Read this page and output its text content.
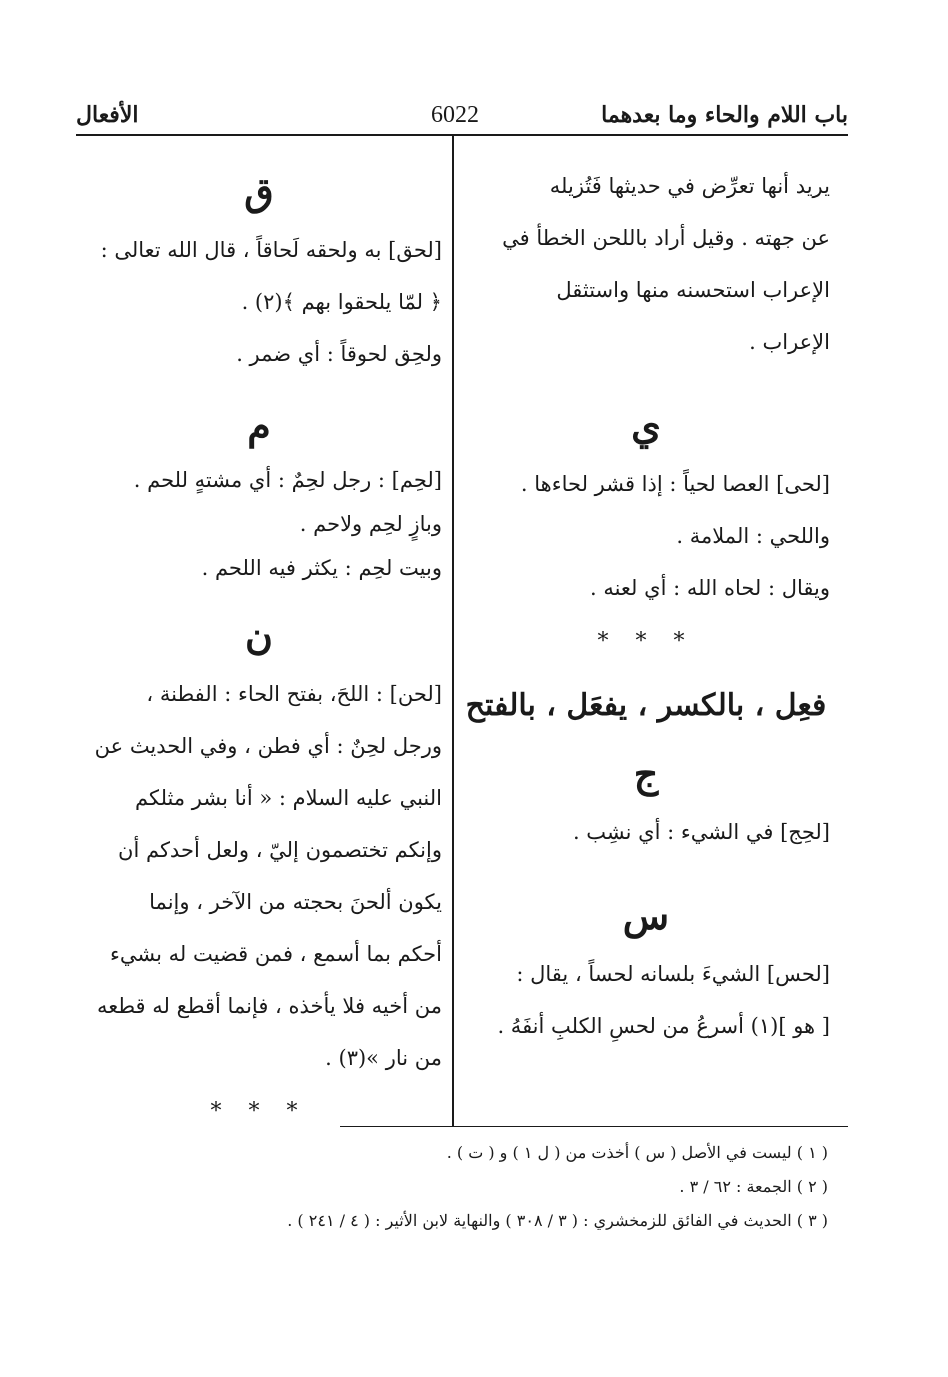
باب اللام والحاء وما بعدهما
6022
الأفعال
يريد أنها تعرِّض في حديثها فَتُزيله
عن جهته . وقيل أراد باللحن الخطأ في
الإعراب استحسنه منها واستثقل
الإعراب .
ي
[لحى] العصا لحياً : إذا قشر لحاءها .
واللحي : الملامة .
ويقال : لحاه الله : أي لعنه .
* * *
فعِل ، بالكسر ، يفعَل ، بالفتح
ج
[لحِج] في الشيء : أي نشِب .
س
[لحس] الشيءَ بلسانه لحساً ، يقال :
[ هو ](١) أسرعُ من لحسِ الكلبِ أنفَهُ .
ق
[لحق] به ولحقه لَحاقاً ، قال الله تعالى :
﴿ لمّا يلحقوا بهم ﴾(٢) .
ولحِق لحوقاً : أي ضمر .
م
[لحِم] : رجل لحِمٌ : أي مشتهٍ للحم .
وبازٍ لحِم ولاحم .
وبيت لحِم : يكثر فيه اللحم .
ن
[لحن] : اللحَ، بفتح الحاء : الفطنة ،
ورجل لحِنٌ : أي فطن ، وفي الحديث عن
النبي عليه السلام : « أنا بشر مثلكم
وإنكم تختصمون إليّ ، ولعل أحدكم أن
يكون ألحنَ بحجته من الآخر ، وإنما
أحكم بما أسمع ، فمن قضيت له بشيء
من أخيه فلا يأخذه ، فإنما أقطع له قطعه
من نار »(٣) .
* * *
( ١ ) ليست في الأصل ( س ) أخذت من ( ل ١ ) و ( ت ) .
( ٢ ) الجمعة : ٦٢ / ٣ .
( ٣ ) الحديث في الفائق للزمخشري : ( ٣ / ٣٠٨ ) والنهاية لابن الأثير : ( ٤ / ٢٤١ ) .
